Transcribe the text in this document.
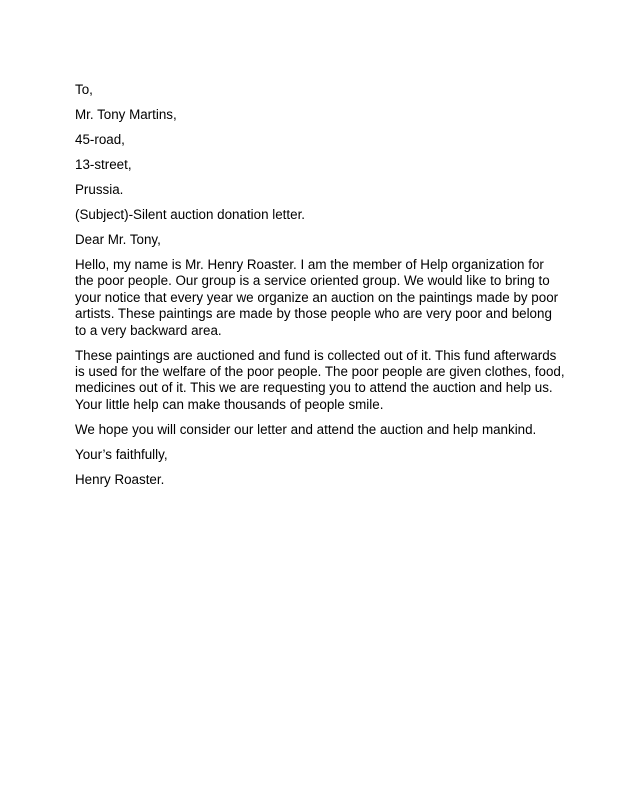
To,

Mr. Tony Martins,

45-road,

13-street,

Prussia.

(Subject)-Silent auction donation letter.

Dear Mr. Tony,

Hello, my name is Mr. Henry Roaster. I am the member of Help organization for the poor people. Our group is a service oriented group. We would like to bring to your notice that every year we organize an auction on the paintings made by poor artists. These paintings are made by those people who are very poor and belong to a very backward area.

These paintings are auctioned and fund is collected out of it. This fund afterwards is used for the welfare of the poor people. The poor people are given clothes, food, medicines out of it. This we are requesting you to attend the auction and help us. Your little help can make thousands of people smile.

We hope you will consider our letter and attend the auction and help mankind.

Your’s faithfully,

Henry Roaster.
